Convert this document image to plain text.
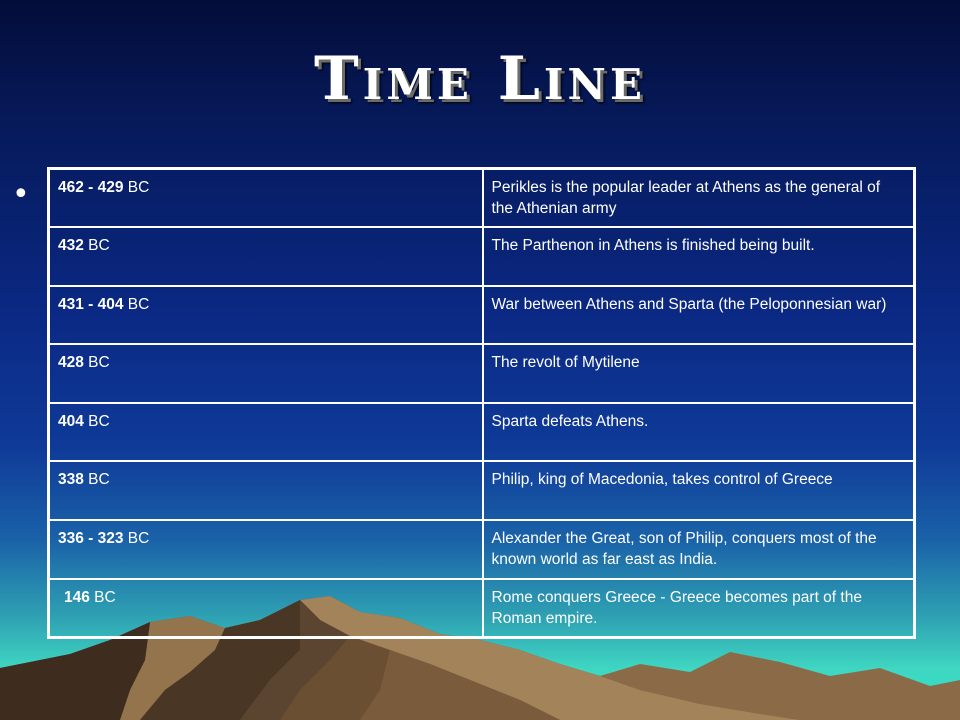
Time Line
• 462 - 429 BC	Perikles is the popular leader at Athens as the general of the Athenian army
432 BC	The Parthenon in Athens is finished being built.
431 - 404 BC	War between Athens and Sparta (the Peloponnesian war)
428 BC	The revolt of Mytilene
404 BC	Sparta defeats Athens.
338 BC	Philip, king of Macedonia, takes control of Greece
336 - 323 BC	Alexander the Great, son of Philip, conquers most of the known world as far east as India.
146 BC	Rome conquers Greece - Greece becomes part of the Roman empire.
